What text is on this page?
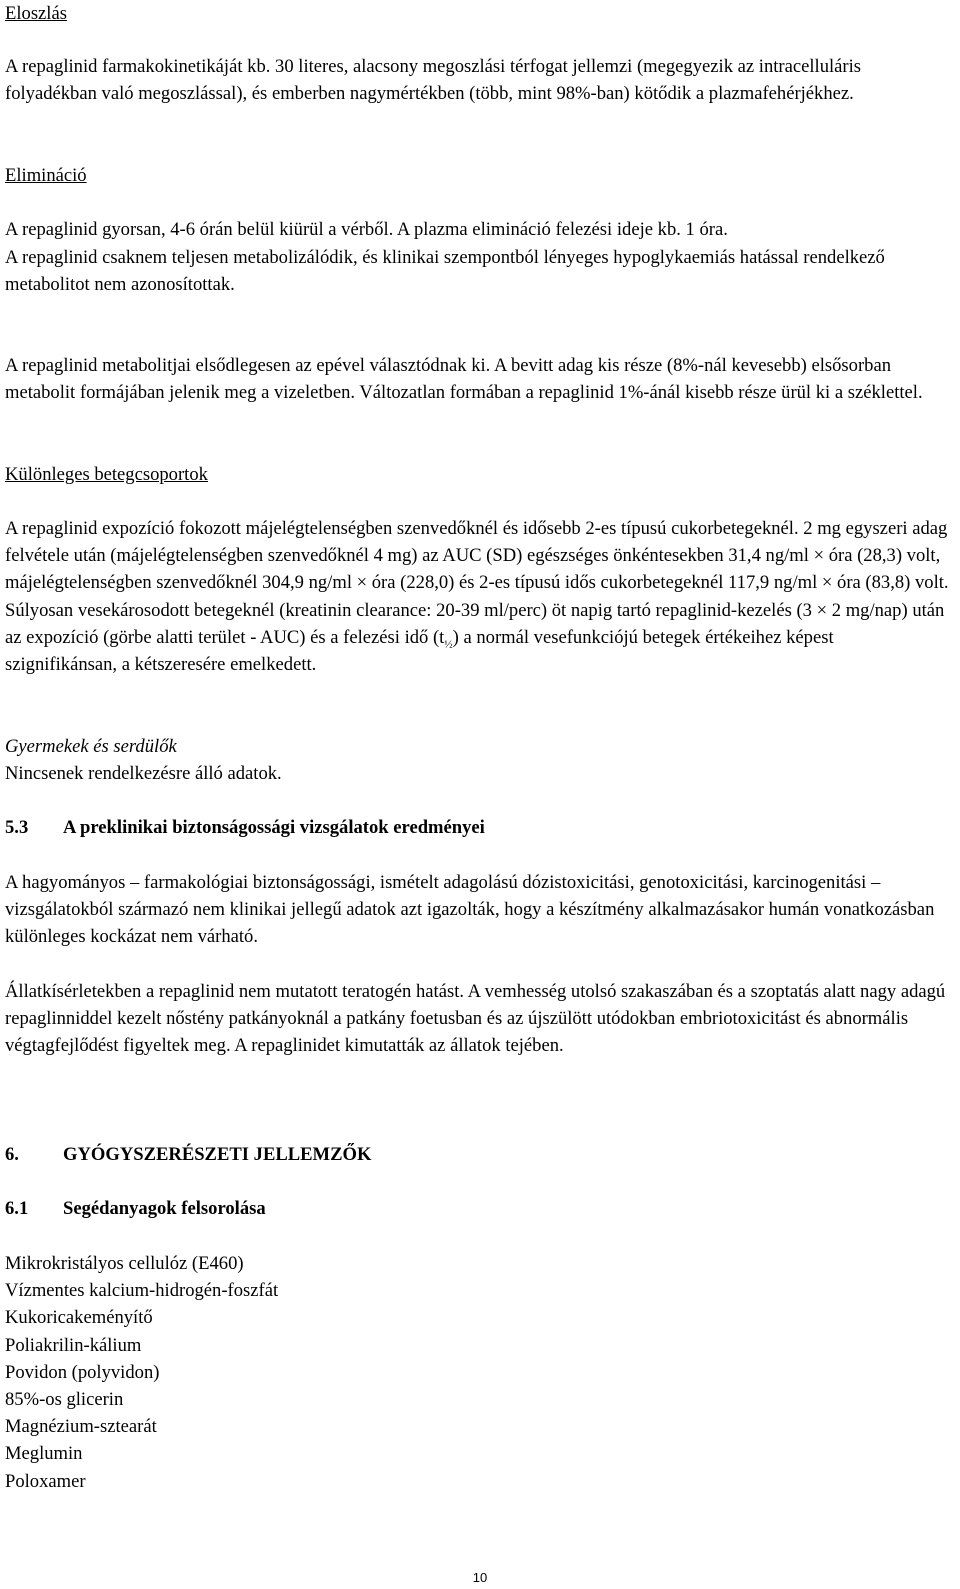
Eloszlás

A repaglinid farmakokinetikáját kb. 30 literes, alacsony megoszlási térfogat jellemzi (megegyezik az intracelluláris folyadékban való megoszlással), és emberben nagymértékben (több, mint 98%-ban) kötődik a plazmafehérjékhez.

Elimináció

A repaglinid gyorsan, 4-6 órán belül kiürül a vérből. A plazma elimináció felezési ideje kb. 1 óra.

A repaglinid csaknem teljesen metabolizálódik, és klinikai szempontból lényeges hypoglykaemiás hatással rendelkező metabolitot nem azonosítottak.

A repaglinid metabolitjai elsődlegesen az epével választódnak ki. A bevitt adag kis része (8%-nál kevesebb) elsősorban metabolit formájában jelenik meg a vizeletben. Változatlan formában a repaglinid 1%-ánál kisebb része ürül ki a széklettel.

Különleges betegcsoportok

A repaglinid expozíció fokozott májelégtelenségben szenvedőknél és idősebb 2-es típusú cukorbetegeknél. 2 mg egyszeri adag felvétele után (májelégtelenségben szenvedőknél 4 mg) az AUC (SD) egészséges önkéntesekben 31,4 ng/ml × óra (28,3) volt, májelégtelenségben szenvedőknél 304,9 ng/ml × óra (228,0) és 2-es típusú idős cukorbetegeknél 117,9 ng/ml × óra (83,8) volt. Súlyosan vesekárosodott betegeknél (kreatinin clearance: 20-39 ml/perc) öt napig tartó repaglinid-kezelés (3 × 2 mg/nap) után az expozíció (görbe alatti terület - AUC) és a felezési idő $(t_{\frac{1}{2}})$ a normál vesefunkciójú betegek értékeihez képest szignifikánsan, a kétszeresére emelkedett.

Gyermekek és serdülők

Nincsenek rendelkezésre álló adatok.

5.3 A preklinikai biztonságossági vizsgálatok eredményei

A hagyományos – farmakológiai biztonságossági, ismételt adagolású dózistoxicitási, genotoxicitási, karcinogenitási – vizsgálatokból származó nem klinikai jellegű adatok azt igazolták, hogy a készítmény alkalmazásakor humán vonatkozásban különleges kockázat nem várható.

Állatkísérletekben a repaglinid nem mutatott teratogén hatást. A vemhesség utolsó szakaszában és a szoptatás alatt nagy adagú repaglinniddel kezelt nőstény patkányoknál a patkány foetusban és az újszülött utódokban embriotoxicitást és abnormális végtagfejlődést figyeltek meg. A repaglinidet kimutatták az állatok tejében.

6. GYÓGYSZERÉSZETI JELLEMZŐK

6.1 Segédanyagok felsorolása

Mikrokristályos cellulóz (E460)
Vízmentes kalcium-hidrogén-foszfát
Kukoricakeményítő
Poliakrilin-kálium
Povidon (polyvidon)
85%-os glicerin
Magnézium-sztearát
Meglumin
Poloxamer
10
